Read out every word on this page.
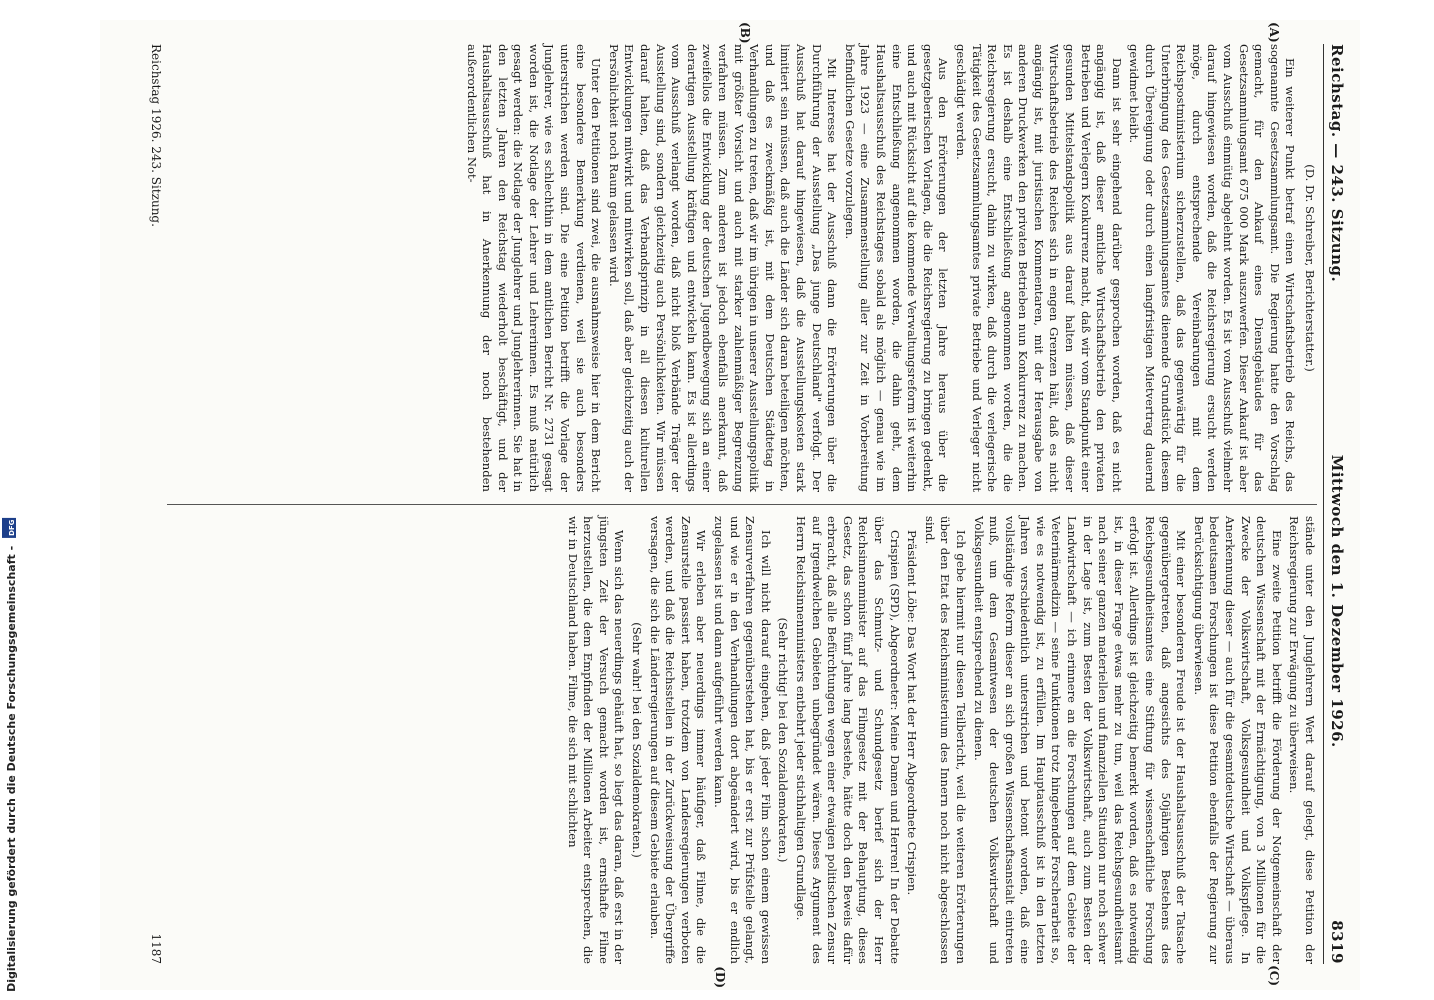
Digitalisierung gefördert durch die Deutsche Forschungsgemeinschaft - DFG
Reichstag. — 243. Sitzung.
Mittwoch den 1. Dezember 1926.
8319
(A)
(B)

(D. Dr. Schreiber, Berichterstatter.)

Ein weiterer Punkt betraf einen Wirtschaftsbetrieb des Reichs, das sogenannte Gesetzsammlungsamt. Die Regierung hatte den Vorschlag gemacht, für den Ankauf eines Dienstgebäudes für das Gesetzsammlungsamt 675 000 Mark auszuwerfen. Dieser Ankauf ist aber vom Ausschuß einmütig abgelehnt worden. Es ist vom Ausschuß vielmehr darauf hingewiesen worden, daß die Reichsregierung ersucht werden möge, durch entsprechende Vereinbarungen mit dem Reichspostministerium sicherzustellen, daß das gegenwärtig für die Unterbringung des Gesetzsammlungsamtes dienende Grundstück diesem durch Übereignung oder durch einen langfristigen Mietvertrag dauernd gewidmet bleibt.

Dann ist sehr eingehend darüber gesprochen worden, daß es nicht angängig ist, daß dieser amtliche Wirtschaftsbetrieb den privaten Betrieben und Verlegern Konkurrenz macht, daß wir vom Standpunkt einer gesunden Mittelstandspolitik aus darauf halten müssen, daß dieser Wirtschaftsbetrieb des Reiches sich in engen Grenzen hält, daß es nicht angängig ist, mit juristischen Kommentaren, mit der Herausgabe von anderen Druckwerken den privaten Betrieben nun Konkurrenz zu machen. Es ist deshalb eine Entschließung angenommen worden, die die Reichsregierung ersucht, dahin zu wirken, daß durch die verlegerische Tätigkeit des Gesetzsammlungsamtes private Betriebe und Verleger nicht geschädigt werden.

Aus den Erörterungen der letzten Jahre heraus über die gesetzgeberischen Vorlagen, die die Reichsregierung zu bringen gedenkt, und auch mit Rücksicht auf die kommende Verwaltungsreform ist weiterhin eine Entschließung angenommen worden, die dahin geht, dem Haushaltsausschuß des Reichstages sobald als möglich — genau wie im Jahre 1923 — eine Zusammenstellung aller zur Zeit in Vorbereitung befindlichen Gesetze vorzulegen.

Mit Interesse hat der Ausschuß dann die Erörterungen über die Durchführung der Ausstellung „Das junge Deutschland" verfolgt. Der Ausschuß hat darauf hingewiesen, daß die Ausstellungskosten stark limitiert sein müssen, daß auch die Länder sich daran beteiligen möchten, und daß es zweckmäßig ist, mit dem Deutschen Städtetag in Verhandlungen zu treten, daß wir im übrigen in unserer Ausstellungspolitik mit größter Vorsicht und auch mit starker zahlenmäßiger Begrenzung verfahren müssen. Zum anderen ist jedoch ebenfalls anerkannt, daß zweifellos die Entwicklung der deutschen Jugendbewegung sich an einer derartigen Ausstellung kräftigen und entwickeln kann. Es ist allerdings vom Ausschuß verlangt worden, daß nicht bloß Verbände Träger der Ausstellung sind, sondern gleichzeitig auch Persönlichkeiten. Wir müssen darauf halten, daß das Verbandsprinzip in all diesen kulturellen Entwicklungen mitwirkt und mitwirken soll, daß aber gleichzeitig auch der Persönlichkeit noch Raum gelassen wird.

Unter den Petitionen sind zwei, die ausnahmsweise hier in dem Bericht eine besondere Bemerkung verdienen, weil sie auch besonders unterstrichen werden sind. Die eine Petition betrifft die Vorlage der Junglehrer, wie es schlechthin in dem amtlichen Bericht Nr. 2731 gesagt worden ist, die Notlage der Lehrer und Lehrerinnen. Es muß natürlich gesagt werden: die Notlage der Junglehrer und Junglehrerinnen. Sie hat in den letzten Jahren den Reichstag wiederholt beschäftigt, und der Haushaltsausschuß hat in Anerkennung der noch bestehenden außerordentlichen Not-

(C)
(D)

stände unter den Junglehrern Wert darauf gelegt, diese Petition der Reichsregierung zur Erwägung zu überweisen.

Eine zweite Petition betrifft die Förderung der Notgemeinschaft der deutschen Wissenschaft mit der Ermächtigung, von 3 Millionen für die Zwecke der Volkswirtschaft, Volksgesundheit und Volkspflege. In Anerkennung dieser — auch für die gesamtdeutsche Wirtschaft — überaus bedeutsamen Forschungen ist diese Petition ebenfalls der Regierung zur Berücksichtigung überwiesen.

Mit einer besonderen Freude ist der Haushaltsausschuß der Tatsache gegenübergetreten, daß angesichts des 50jährigen Bestehens des Reichsgesundheitsamtes eine Stiftung für wissenschaftliche Forschung erfolgt ist. Allerdings ist gleichzeitig bemerkt worden, daß es notwendig ist, in dieser Frage etwas mehr zu tun, weil das Reichsgesundheitsamt nach seiner ganzen materiellen und finanziellen Situation nur noch schwer in der Lage ist, zum Besten der Volkswirtschaft, auch zum Besten der Landwirtschaft — ich erinnere an die Forschungen auf dem Gebiete der Veterinärmedizin — seine Funktionen trotz hingebender Forscherarbeit so, wie es notwendig ist, zu erfüllen. Im Hauptausschuß ist in den letzten Jahren verschiedentlich unterstrichen und betont worden, daß eine vollständige Reform dieser an sich großen Wissenschaftsanstalt eintreten muß, um dem Gesamtwesen der deutschen Volkswirtschaft und Volksgesundheit entsprechend zu dienen.

Ich gebe hiermit nur diesen Teilbericht, weil die weiteren Erörterungen über den Etat des Reichsministerium des Innern noch nicht abgeschlossen sind.

Präsident Löbe: Das Wort hat der Herr Abgeordnete Crispien.

Crispien (SPD), Abgeordneter: Meine Damen und Herren! In der Debatte über das Schmutz- und Schundgesetz berief sich der Herr Reichsinnenminister auf das Filmgesetz mit der Behauptung, dieses Gesetz, das schon fünf Jahre lang bestehe, hätte doch den Beweis dafür erbracht, daß alle Befürchtungen wegen einer etwaigen politischen Zensur auf irgendwelchen Gebieten unbegründet wären. Dieses Argument des Herrn Reichsinnenministers entbehrt jeder stichhaltigen Grundlage.

(Sehr richtig! bei den Sozialdemokraten.)

Ich will nicht darauf eingehen, daß jeder Film schon einem gewissen Zensurverfahren gegenüberstehen hat, bis er erst zur Prüfstelle gelangt, und wie er in den Verhandlungen dort abgeändert wird, bis er endlich zugelassen ist und dann aufgeführt werden kann.

Wir erleben aber neuerdings immer häufiger, daß Filme, die die Zensurstelle passiert haben, trotzdem von Landesregierungen verboten werden, und daß die Reichsstellen in der Zurückweisung der Übergriffe versagen, die sich die Länderregierungen auf diesem Gebiete erlauben.

(Sehr wahr! bei den Sozialdemokraten.)

Wenn sich das neuerdings gehäuft hat, so liegt das daran, daß erst in der jüngsten Zeit der Versuch gemacht worden ist, ernsthafte Filme herzustellen, die dem Empfinden der Millionen Arbeiter entsprechen, die wir in Deutschland haben. Filme, die sich mit schlichten

Reichstag 1926. 243. Sitzung.
1187
